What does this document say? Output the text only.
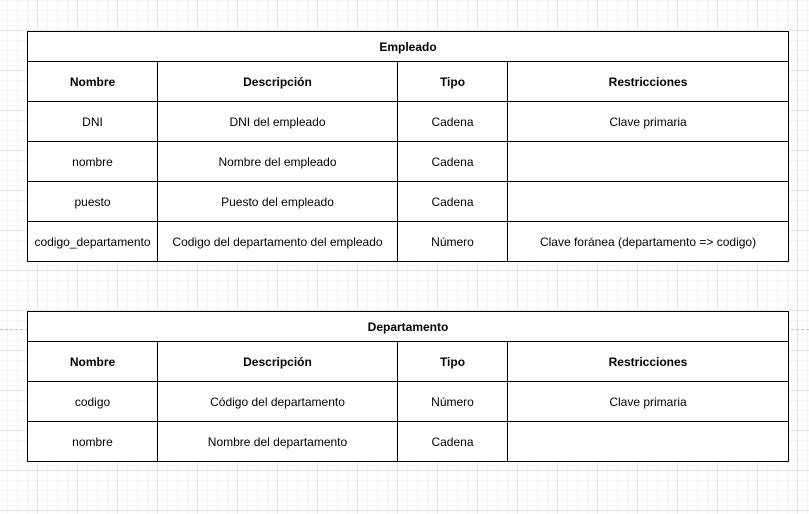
Empleado			
Nombre	Descripción	Tipo	Restricciones
DNI	DNI del empleado	Cadena	Clave primaria
nombre	Nombre del empleado	Cadena	
puesto	Puesto del empleado	Cadena	
codigo_departamento	Codigo del departamento del empleado	Número	Clave foránea (departamento => codigo)
Departamento			
Nombre	Descripción	Tipo	Restricciones
codigo	Código del departamento	Número	Clave primaria
nombre	Nombre del departamento	Cadena	
